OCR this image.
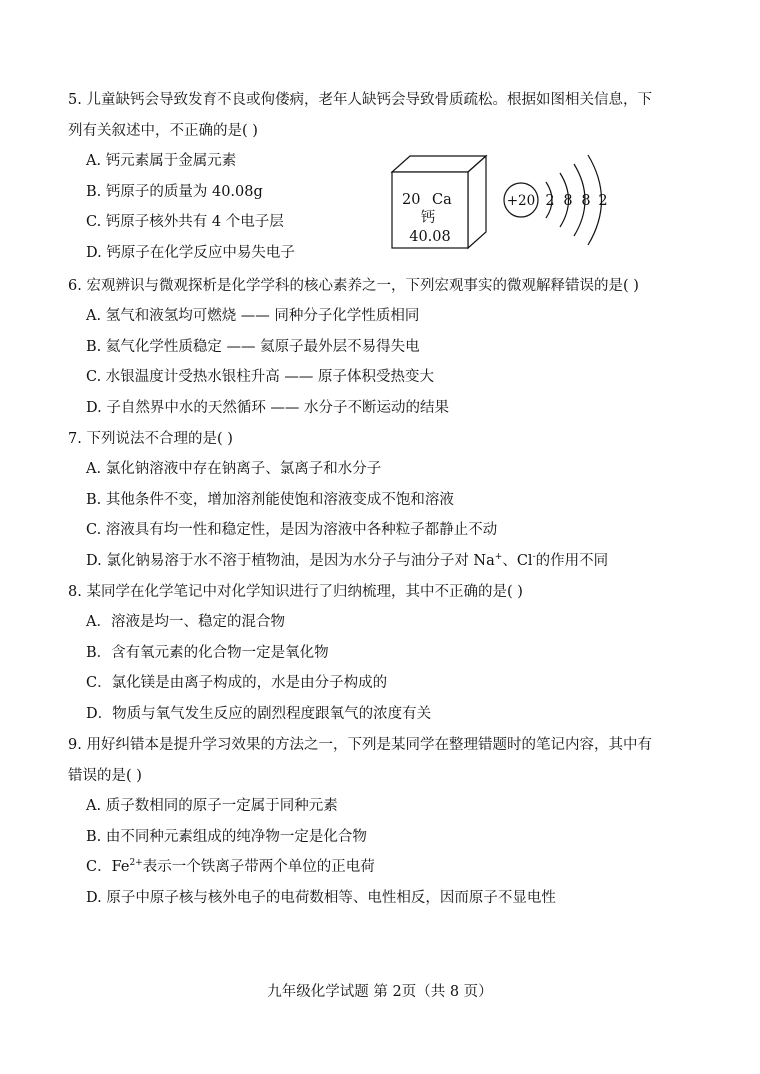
5. 儿童缺钙会导致发育不良或佝偻病，老年人缺钙会导致骨质疏松。根据如图相关信息，下
列有关叙述中，不正确的是( )
A. 钙元素属于金属元素
B. 钙原子的质量为 40.08g
C. 钙原子核外共有 4 个电子层
D. 钙原子在化学反应中易失电子
20 Ca
钙
40.08
+20 2 8 8 2
6. 宏观辨识与微观探析是化学学科的核心素养之一，下列宏观事实的微观解释错误的是( )
A. 氢气和液氢均可燃烧 —— 同种分子化学性质相同
B. 氦气化学性质稳定 —— 氦原子最外层不易得失电
C. 水银温度计受热水银柱升高 —— 原子体积受热变大
D. 子自然界中水的天然循环 —— 水分子不断运动的结果
7. 下列说法不合理的是( )
A. 氯化钠溶液中存在钠离子、氯离子和水分子
B. 其他条件不变，增加溶剂能使饱和溶液变成不饱和溶液
C. 溶液具有均一性和稳定性，是因为溶液中各种粒子都静止不动
D. 氯化钠易溶于水不溶于植物油，是因为水分子与油分子对 Na+、Cl-的作用不同
8. 某同学在化学笔记中对化学知识进行了归纳梳理，其中不正确的是( )
A．溶液是均一、稳定的混合物
B．含有氧元素的化合物一定是氧化物
C．氯化镁是由离子构成的，水是由分子构成的
D．物质与氧气发生反应的剧烈程度跟氧气的浓度有关
9. 用好纠错本是提升学习效果的方法之一，下列是某同学在整理错题时的笔记内容，其中有
错误的是( )
A. 质子数相同的原子一定属于同种元素
B. 由不同种元素组成的纯净物一定是化合物
C．$Fe^{2+}$表示一个铁离子带两个单位的正电荷
D. 原子中原子核与核外电子的电荷数相等、电性相反，因而原子不显电性
九年级化学试题 第 2页（共 8 页）
